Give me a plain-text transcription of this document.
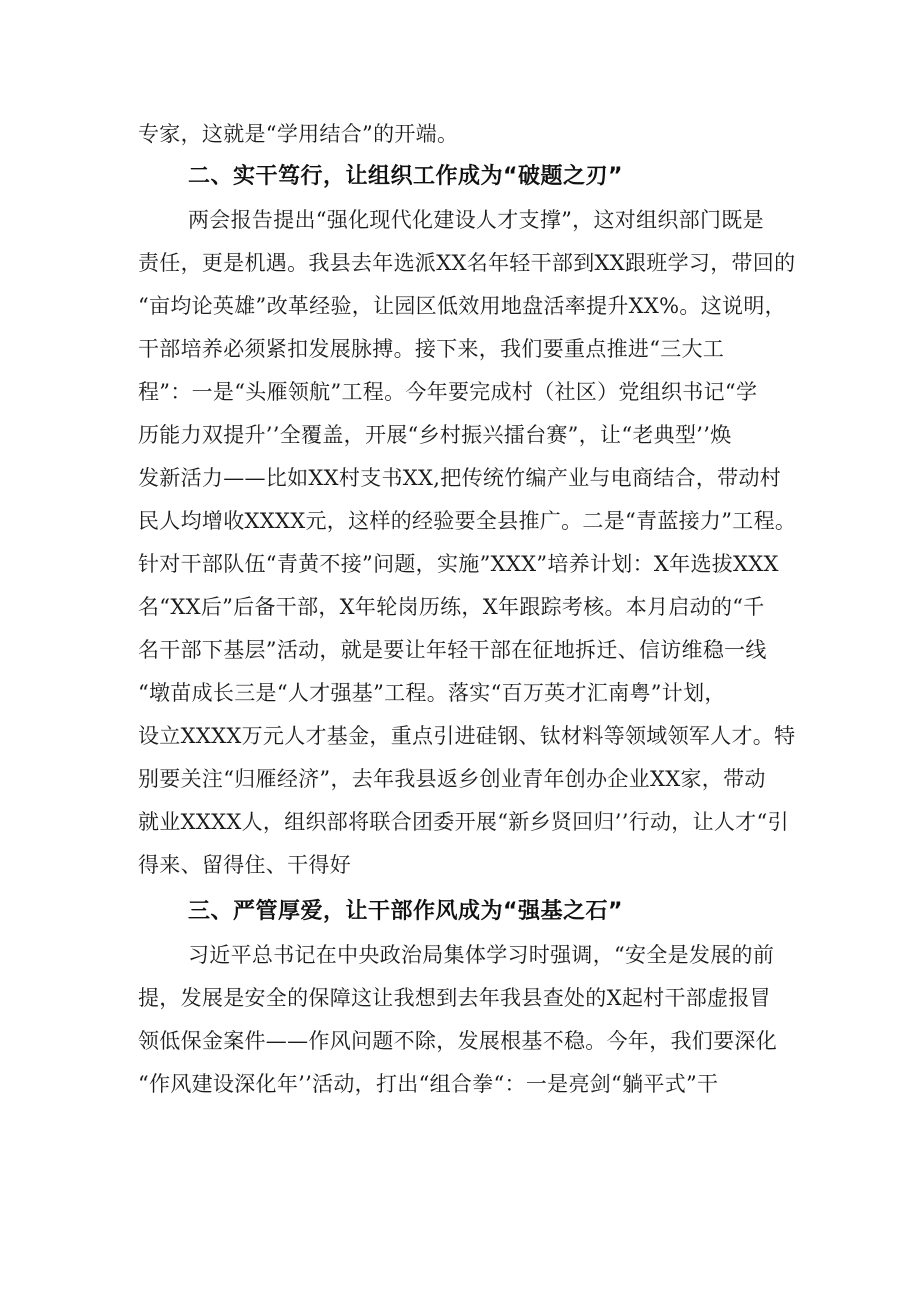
专家，这就是“学用结合”的开端。
二、实干笃行，让组织工作成为“破题之刃”
两会报告提出“强化现代化建设人才支撑”，这对组织部门既是
责任，更是机遇。我县去年选派XX名年轻干部到XX跟班学习，带回的
“亩均论英雄”改革经验，让园区低效用地盘活率提升XX%。这说明，
干部培养必须紧扣发展脉搏。接下来，我们要重点推进“三大工
程”：一是“头雁领航”工程。今年要完成村（社区）党组织书记“学
历能力双提升’’全覆盖，开展“乡村振兴擂台赛”，让“老典型’’焕
发新活力——比如XX村支书XX,把传统竹编产业与电商结合，带动村
民人均增收XXXX元，这样的经验要全县推广。二是“青蓝接力”工程。
针对干部队伍“青黄不接”问题，实施”XXX”培养计划：X年选拔XXX
名“XX后”后备干部，X年轮岗历练，X年跟踪考核。本月启动的“千
名干部下基层”活动，就是要让年轻干部在征地拆迁、信访维稳一线
“墩苗成长三是“人才强基”工程。落实“百万英才汇南粤”计划，
设立XXXX万元人才基金，重点引进硅钢、钛材料等领域领军人才。特
别要关注“归雁经济”，去年我县返乡创业青年创办企业XX家，带动
就业XXXX人，组织部将联合团委开展“新乡贤回归’’行动，让人才“引
得来、留得住、干得好
三、严管厚爱，让干部作风成为“强基之石”
习近平总书记在中央政治局集体学习时强调，“安全是发展的前
提，发展是安全的保障这让我想到去年我县查处的X起村干部虚报冒
领低保金案件——作风问题不除，发展根基不稳。今年，我们要深化
“作风建设深化年’’活动，打出“组合拳“：一是亮剑“躺平式”干
